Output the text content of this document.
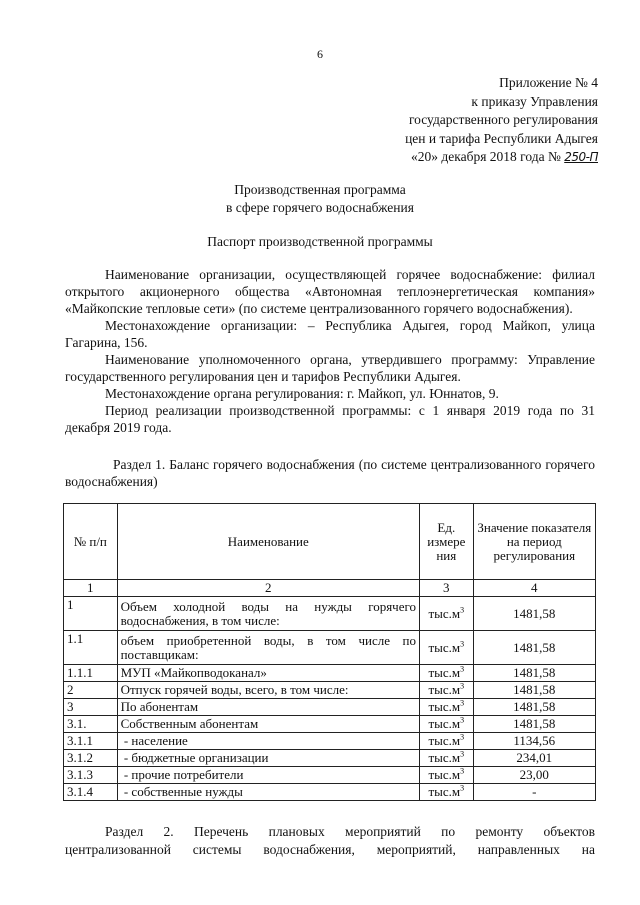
6
Приложение № 4
к приказу Управления
государственного регулирования
цен и тарифа Республики Адыгея
«20» декабря 2018 года № 250-П
Производственная программа
в сфере горячего водоснабжения
Паспорт производственной программы

Наименование организации, осуществляющей горячее водоснабжение: филиал открытого акционерного общества «Автономная теплоэнергетическая компания» «Майкопские тепловые сети» (по системе централизованного горячего водоснабжения).

Местонахождение организации: – Республика Адыгея, город Майкоп, улица Гагарина, 156.

Наименование уполномоченного органа, утвердившего программу: Управление государственного регулирования цен и тарифов Республики Адыгея.

Местонахождение органа регулирования: г. Майкоп, ул. Юннатов, 9.

Период реализации производственной программы: с 1 января 2019 года по 31 декабря 2019 года.

Раздел 1. Баланс горячего водоснабжения (по системе централизованного горячего водоснабжения)

№ п/п	Наименование	Ед. измере ния	Значение показателя на период регулирования
1	2	3	4
1	Объем холодной воды на нужды горячего водоснабжения, в том числе:	$тыс.м^3$	1481,58
1.1	объем приобретенной воды, в том числе по поставщикам:	$тыс.м^3$	1481,58
1.1.1	МУП «Майкопводоканал»	$тыс.м^3$	1481,58
2	Отпуск горячей воды, всего, в том числе:	$тыс.м^3$	1481,58
3	По абонентам	$тыс.м^3$	1481,58
3.1.	Собственным абонентам	$тыс.м^3$	1481,58
3.1.1	- население	$тыс.м^3$	1134,56
3.1.2	- бюджетные организации	$тыс.м^3$	234,01
3.1.3	- прочие потребители	$тыс.м^3$	23,00
3.1.4	- собственные нужды	$тыс.м^3$	-

Раздел 2. Перечень плановых мероприятий по ремонту объектов

централизованной системы водоснабжения, мероприятий, направленных на
